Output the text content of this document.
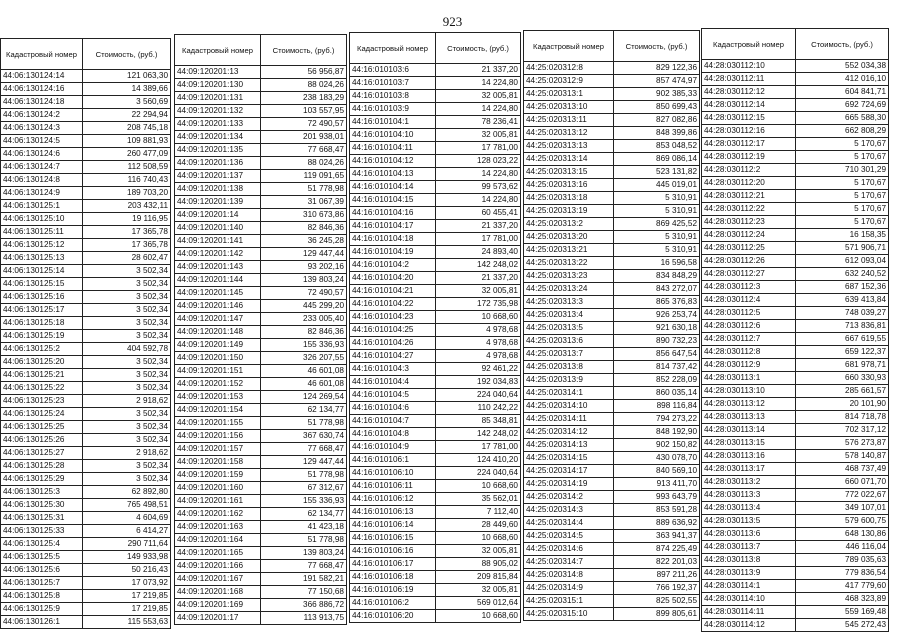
923
Кадастровый номер	Стоимость, (руб.)
44:06:130124:14	121 063,30
44:06:130124:16	14 389,66
44:06:130124:18	3 560,69
44:06:130124:2	22 294,94
44:06:130124:3	208 745,18
44:06:130124:5	109 881,93
44:06:130124:6	260 477,09
44:06:130124:7	112 508,59
44:06:130124:8	116 740,43
44:06:130124:9	189 703,20
44:06:130125:1	203 432,11
44:06:130125:10	19 116,95
44:06:130125:11	17 365,78
44:06:130125:12	17 365,78
44:06:130125:13	28 602,47
44:06:130125:14	3 502,34
44:06:130125:15	3 502,34
44:06:130125:16	3 502,34
44:06:130125:17	3 502,34
44:06:130125:18	3 502,34
44:06:130125:19	3 502,34
44:06:130125:2	404 592,78
44:06:130125:20	3 502,34
44:06:130125:21	3 502,34
44:06:130125:22	3 502,34
44:06:130125:23	2 918,62
44:06:130125:24	3 502,34
44:06:130125:25	3 502,34
44:06:130125:26	3 502,34
44:06:130125:27	2 918,62
44:06:130125:28	3 502,34
44:06:130125:29	3 502,34
44:06:130125:3	62 892,80
44:06:130125:30	765 498,51
44:06:130125:31	4 604,69
44:06:130125:33	6 414,27
44:06:130125:4	290 711,64
44:06:130125:5	149 933,98
44:06:130125:6	50 216,43
44:06:130125:7	17 073,92
44:06:130125:8	17 219,85
44:06:130125:9	17 219,85
44:06:130126:1	115 553,63
Кадастровый номер	Стоимость, (руб.)
44:09:120201:13	56 956,87
44:09:120201:130	88 024,26
44:09:120201:131	238 183,29
44:09:120201:132	103 557,95
44:09:120201:133	72 490,57
44:09:120201:134	201 938,01
44:09:120201:135	77 668,47
44:09:120201:136	88 024,26
44:09:120201:137	119 091,65
44:09:120201:138	51 778,98
44:09:120201:139	31 067,39
44:09:120201:14	310 673,86
44:09:120201:140	82 846,36
44:09:120201:141	36 245,28
44:09:120201:142	129 447,44
44:09:120201:143	93 202,16
44:09:120201:144	139 803,24
44:09:120201:145	72 490,57
44:09:120201:146	445 299,20
44:09:120201:147	233 005,40
44:09:120201:148	82 846,36
44:09:120201:149	155 336,93
44:09:120201:150	326 207,55
44:09:120201:151	46 601,08
44:09:120201:152	46 601,08
44:09:120201:153	124 269,54
44:09:120201:154	62 134,77
44:09:120201:155	51 778,98
44:09:120201:156	367 630,74
44:09:120201:157	77 668,47
44:09:120201:158	129 447,44
44:09:120201:159	51 778,98
44:09:120201:160	67 312,67
44:09:120201:161	155 336,93
44:09:120201:162	62 134,77
44:09:120201:163	41 423,18
44:09:120201:164	51 778,98
44:09:120201:165	139 803,24
44:09:120201:166	77 668,47
44:09:120201:167	191 582,21
44:09:120201:168	77 150,68
44:09:120201:169	366 886,72
44:09:120201:17	113 913,75
Кадастровый номер	Стоимость, (руб.)
44:16:010103:6	21 337,20
44:16:010103:7	14 224,80
44:16:010103:8	32 005,81
44:16:010103:9	14 224,80
44:16:010104:1	78 236,41
44:16:010104:10	32 005,81
44:16:010104:11	17 781,00
44:16:010104:12	128 023,22
44:16:010104:13	14 224,80
44:16:010104:14	99 573,62
44:16:010104:15	14 224,80
44:16:010104:16	60 455,41
44:16:010104:17	21 337,20
44:16:010104:18	17 781,00
44:16:010104:19	24 893,40
44:16:010104:2	142 248,02
44:16:010104:20	21 337,20
44:16:010104:21	32 005,81
44:16:010104:22	172 735,98
44:16:010104:23	10 668,60
44:16:010104:25	4 978,68
44:16:010104:26	4 978,68
44:16:010104:27	4 978,68
44:16:010104:3	92 461,22
44:16:010104:4	192 034,83
44:16:010104:5	224 040,64
44:16:010104:6	110 242,22
44:16:010104:7	85 348,81
44:16:010104:8	142 248,02
44:16:010104:9	17 781,00
44:16:010106:1	124 410,20
44:16:010106:10	224 040,64
44:16:010106:11	10 668,60
44:16:010106:12	35 562,01
44:16:010106:13	7 112,40
44:16:010106:14	28 449,60
44:16:010106:15	10 668,60
44:16:010106:16	32 005,81
44:16:010106:17	88 905,02
44:16:010106:18	209 815,84
44:16:010106:19	32 005,81
44:16:010106:2	569 012,64
44:16:010106:20	10 668,60
Кадастровый номер	Стоимость, (руб.)
44:25:020312:8	829 122,36
44:25:020312:9	857 474,97
44:25:020313:1	902 385,33
44:25:020313:10	850 699,43
44:25:020313:11	827 082,86
44:25:020313:12	848 399,86
44:25:020313:13	853 048,52
44:25:020313:14	869 086,14
44:25:020313:15	523 131,82
44:25:020313:16	445 019,01
44:25:020313:18	5 310,91
44:25:020313:19	5 310,91
44:25:020313:2	869 425,52
44:25:020313:20	5 310,91
44:25:020313:21	5 310,91
44:25:020313:22	16 596,58
44:25:020313:23	834 848,29
44:25:020313:24	843 272,07
44:25:020313:3	865 376,83
44:25:020313:4	926 253,74
44:25:020313:5	921 630,18
44:25:020313:6	890 732,23
44:25:020313:7	856 647,54
44:25:020313:8	814 737,42
44:25:020313:9	852 228,09
44:25:020314:1	860 035,14
44:25:020314:10	898 116,84
44:25:020314:11	794 273,22
44:25:020314:12	848 192,90
44:25:020314:13	902 150,82
44:25:020314:15	430 078,70
44:25:020314:17	840 569,10
44:25:020314:19	913 411,70
44:25:020314:2	993 643,79
44:25:020314:3	853 591,28
44:25:020314:4	889 636,92
44:25:020314:5	363 941,37
44:25:020314:6	874 225,49
44:25:020314:7	822 201,03
44:25:020314:8	897 211,26
44:25:020314:9	766 192,37
44:25:020315:1	825 502,55
44:25:020315:10	899 805,61
Кадастровый номер	Стоимость, (руб.)
44:28:030112:10	552 034,38
44:28:030112:11	412 016,10
44:28:030112:12	604 841,71
44:28:030112:14	692 724,69
44:28:030112:15	665 588,30
44:28:030112:16	662 808,29
44:28:030112:17	5 170,67
44:28:030112:19	5 170,67
44:28:030112:2	710 301,29
44:28:030112:20	5 170,67
44:28:030112:21	5 170,67
44:28:030112:22	5 170,67
44:28:030112:23	5 170,67
44:28:030112:24	16 158,35
44:28:030112:25	571 906,71
44:28:030112:26	612 093,04
44:28:030112:27	632 240,52
44:28:030112:3	687 152,36
44:28:030112:4	639 413,84
44:28:030112:5	748 039,27
44:28:030112:6	713 836,81
44:28:030112:7	667 619,55
44:28:030112:8	659 122,37
44:28:030112:9	681 978,71
44:28:030113:1	660 330,93
44:28:030113:10	285 661,57
44:28:030113:12	20 101,90
44:28:030113:13	814 718,78
44:28:030113:14	702 317,12
44:28:030113:15	576 273,87
44:28:030113:16	578 140,87
44:28:030113:17	468 737,49
44:28:030113:2	660 071,70
44:28:030113:3	772 022,67
44:28:030113:4	349 107,01
44:28:030113:5	579 600,75
44:28:030113:6	648 130,86
44:28:030113:7	446 116,04
44:28:030113:8	789 035,63
44:28:030113:9	779 836,54
44:28:030114:1	417 779,60
44:28:030114:10	468 323,89
44:28:030114:11	559 169,48
44:28:030114:12	545 272,43
